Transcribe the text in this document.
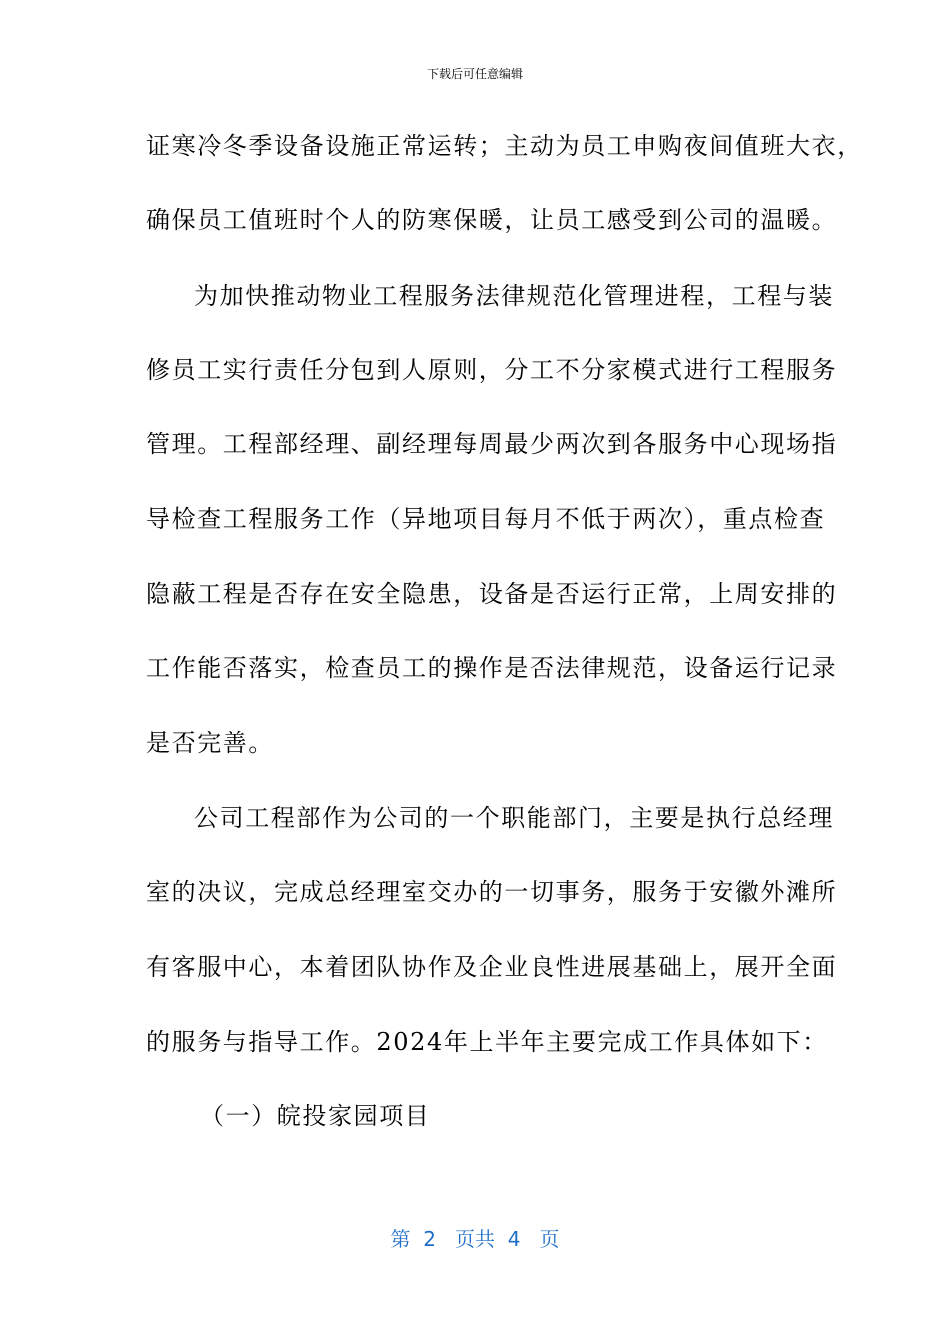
下载后可任意编辑
证寒冷冬季设备设施正常运转；主动为员工申购夜间值班大衣，
确保员工值班时个人的防寒保暖，让员工感受到公司的温暖。
为加快推动物业工程服务法律规范化管理进程，工程与装
修员工实行责任分包到人原则，分工不分家模式进行工程服务
管理。工程部经理、副经理每周最少两次到各服务中心现场指
导检查工程服务工作（异地项目每月不低于两次），重点检查
隐蔽工程是否存在安全隐患，设备是否运行正常，上周安排的
工作能否落实，检查员工的操作是否法律规范，设备运行记录
是否完善。
公司工程部作为公司的一个职能部门，主要是执行总经理
室的决议，完成总经理室交办的一切事务，服务于安徽外滩所
有客服中心，本着团队协作及企业良性进展基础上，展开全面
的服务与指导工作。2024年上半年主要完成工作具体如下：
（一）皖投家园项目
第  2   页共  4   页
